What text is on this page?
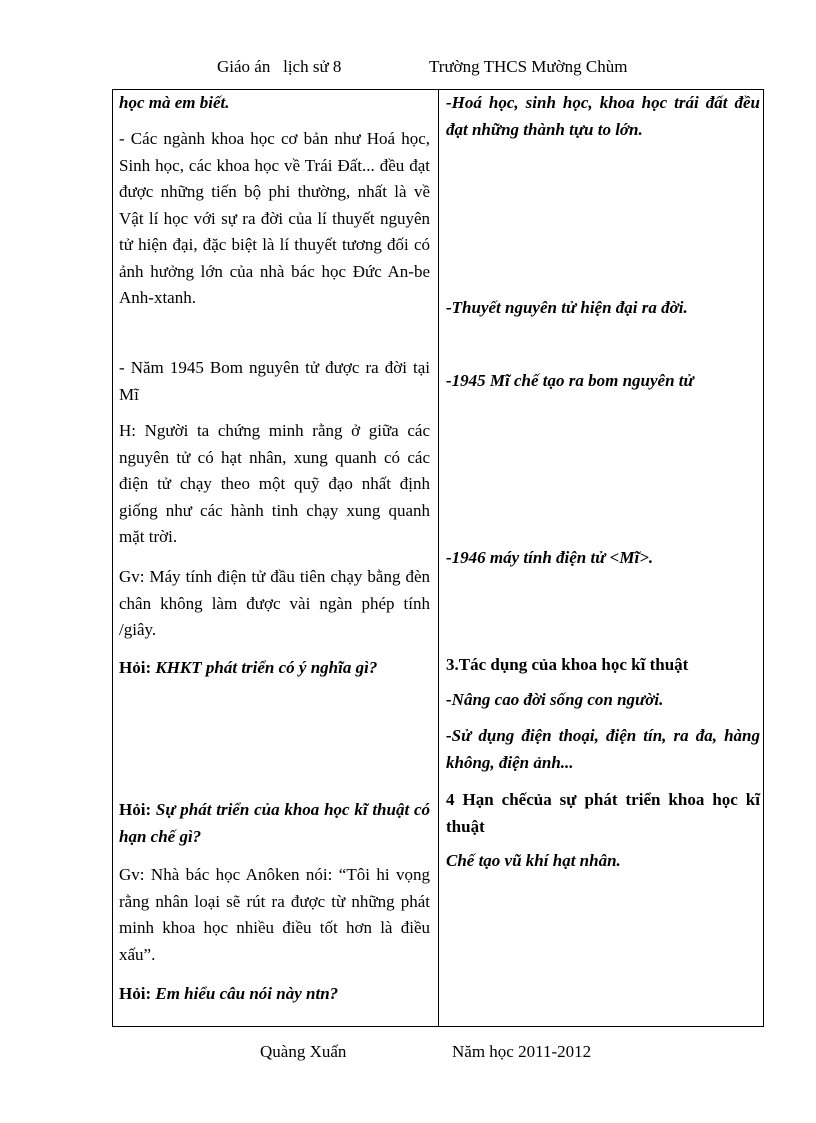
Giáo án   lịch sử 8	Trường THCS Mường Chùm
học mà em biết.
- Các ngành khoa học cơ bản như Hoá học, Sinh học, các khoa học về Trái Đất... đều đạt được những tiến bộ phi thường, nhất là về Vật lí học với sự ra đời của lí thuyết nguyên tử hiện đại, đặc biệt là lí thuyết tương đối có ảnh hưởng lớn của nhà bác học Đức An-be Anh-xtanh.
- Năm 1945 Bom nguyên tử được ra đời tại Mĩ
H: Người ta chứng minh rằng ở giữa các nguyên tử có hạt nhân, xung quanh có các điện tử chạy theo một quỹ đạo nhất định giống như các hành tinh chạy xung quanh mặt trời.
Gv: Máy tính điện tử đầu tiên chạy bằng đèn chân không làm được vài ngàn phép tính /giây.
Hỏi: KHKT phát triển có ý nghĩa gì?
Hỏi: Sự phát triển của khoa học kĩ thuật có hạn chế gì?
Gv: Nhà bác học Anôken nói: “Tôi hi vọng rằng nhân loại sẽ rút ra được từ những phát minh khoa học nhiều điều tốt hơn là điều xấu”.
Hỏi: Em hiểu câu nói này ntn?
-Hoá học, sinh học, khoa học trái đất đều đạt những thành tựu to lớn.
-Thuyết nguyên tử hiện đại ra đời.
-1945 Mĩ chế tạo ra bom nguyên tử
-1946 máy tính điện tử <Mĩ>.
3.Tác dụng của khoa học kĩ thuật
-Nâng cao đời sống con người.
-Sử dụng điện thoại, điện tín, ra đa, hàng không, điện ảnh...
4 Hạn chếcủa sự phát triển khoa học kĩ thuật
Chế tạo vũ khí hạt nhân.
Quàng Xuấn	Năm học 2011-2012
